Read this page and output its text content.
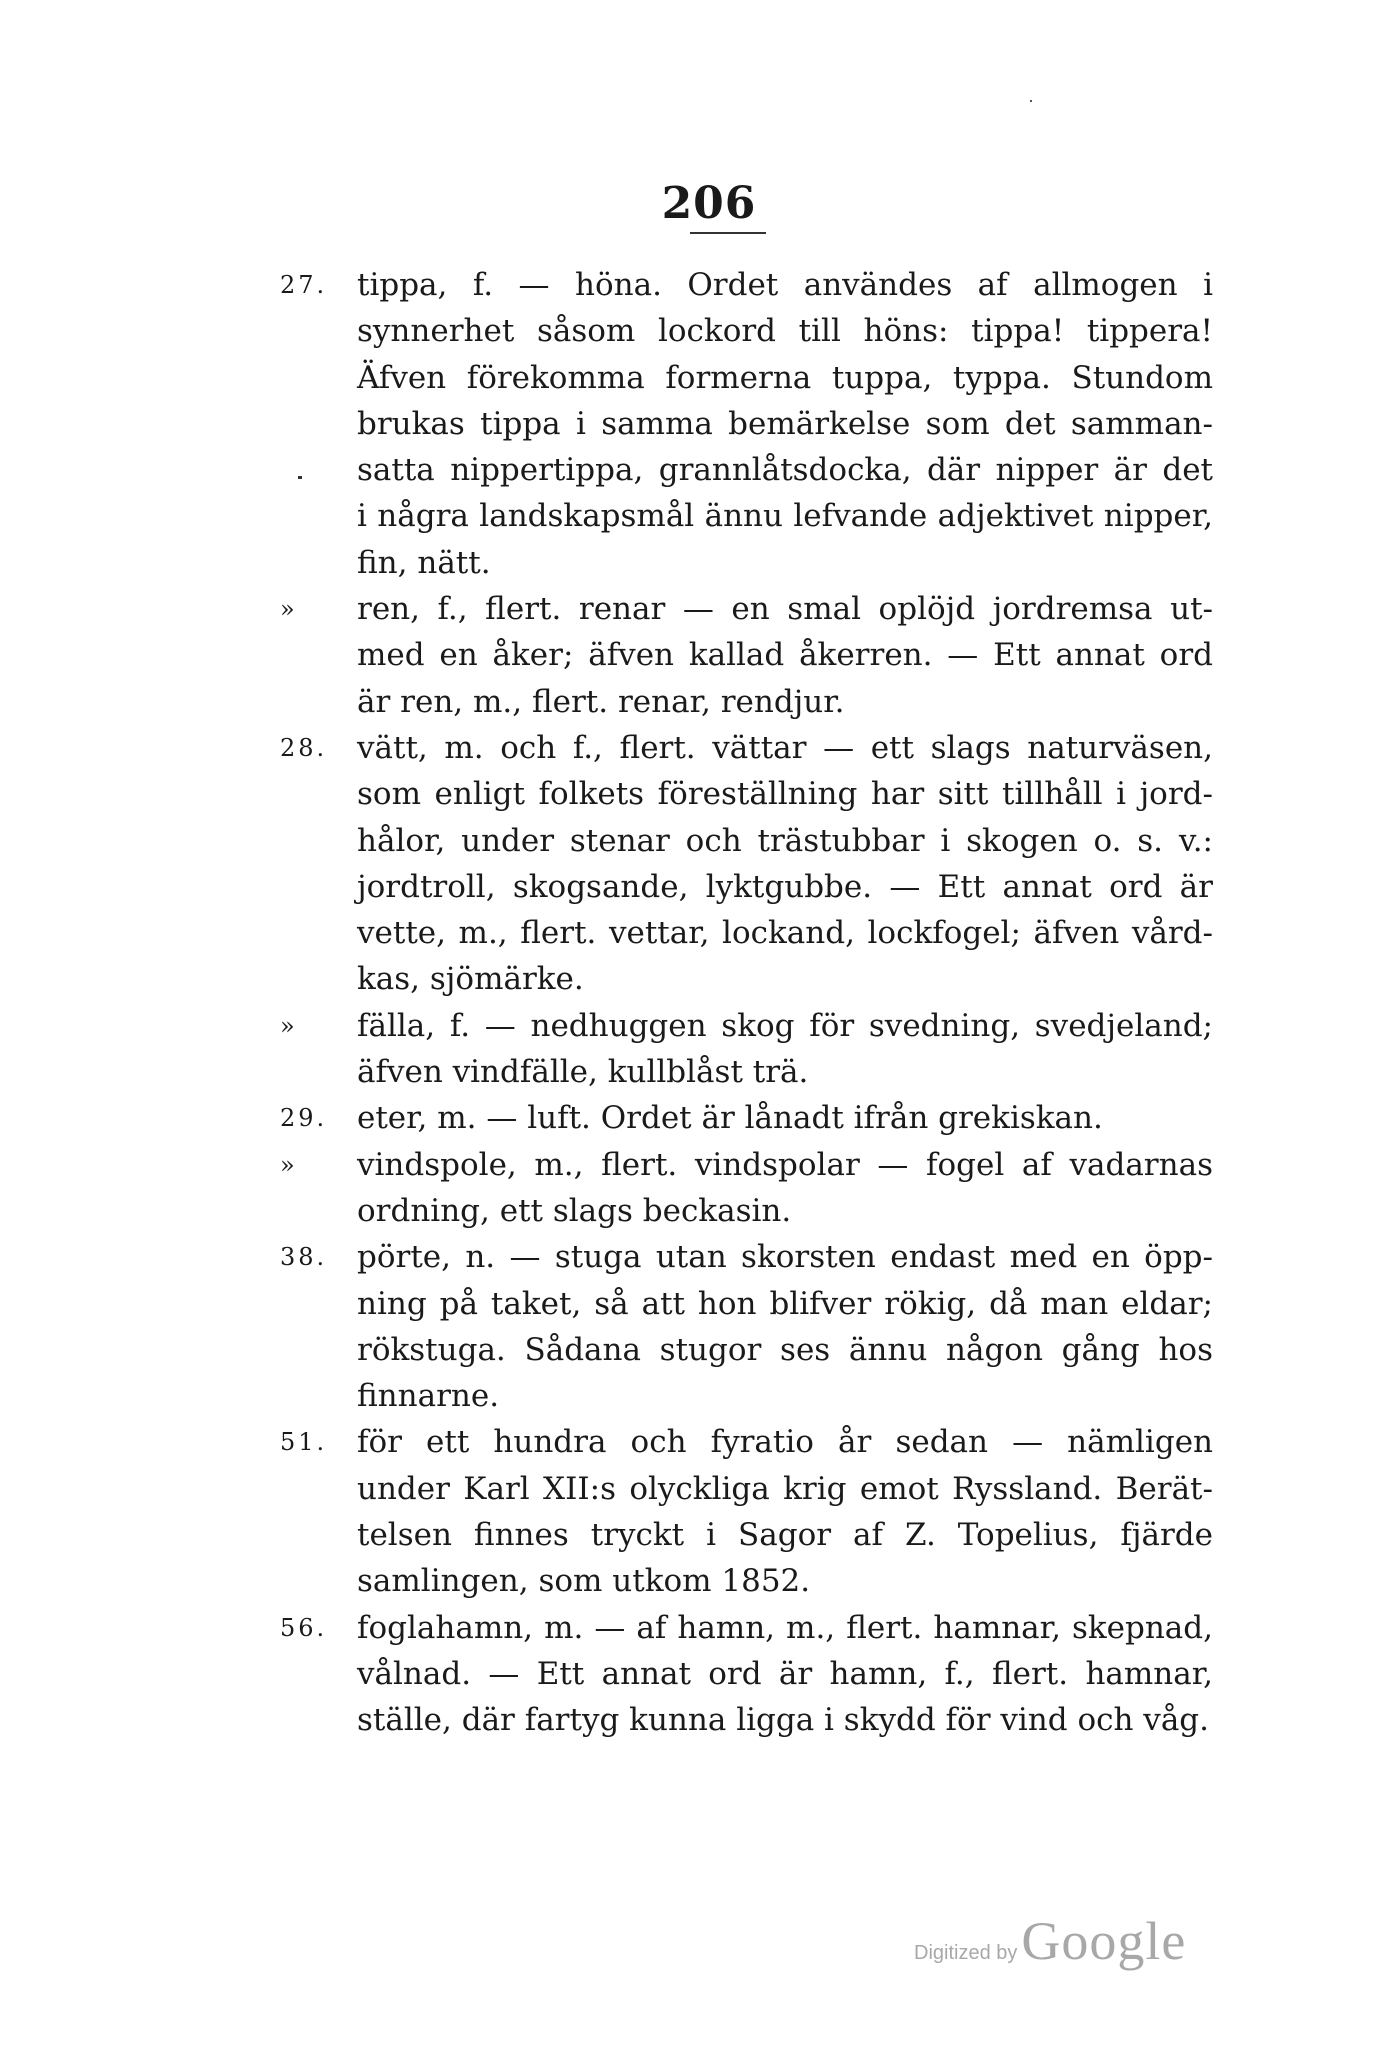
206
27. tippa, f. — höna. Ordet användes af allmogen i
synnerhet såsom lockord till höns: tippa! tippera!
Äfven förekomma formerna tuppa, typpa. Stundom
brukas tippa i samma bemärkelse som det samman-
satta nippertippa, grannlåtsdocka, där nipper är det
i några landskapsmål ännu lefvande adjektivet nipper,
fin, nätt.
» ren, f., flert. renar — en smal oplöjd jordremsa ut-
med en åker; äfven kallad åkerren. — Ett annat ord
är ren, m., flert. renar, rendjur.
28. vätt, m. och f., flert. vättar — ett slags naturväsen,
som enligt folkets föreställning har sitt tillhåll i jord-
hålor, under stenar och trästubbar i skogen o. s. v.:
jordtroll, skogsande, lyktgubbe. — Ett annat ord är
vette, m., flert. vettar, lockand, lockfogel; äfven vård-
kas, sjömärke.
» fälla, f. — nedhuggen skog för svedning, svedjeland;
äfven vindfälle, kullblåst trä.
29. eter, m. — luft. Ordet är lånadt ifrån grekiskan.
» vindspole, m., flert. vindspolar — fogel af vadarnas
ordning, ett slags beckasin.
38. pörte, n. — stuga utan skorsten endast med en öpp-
ning på taket, så att hon blifver rökig, då man eldar;
rökstuga. Sådana stugor ses ännu någon gång hos
finnarne.
51. för ett hundra och fyratio år sedan — nämligen
under Karl XII:s olyckliga krig emot Ryssland. Berät-
telsen finnes tryckt i Sagor af Z. Topelius, fjärde
samlingen, som utkom 1852.
56. foglahamn, m. — af hamn, m., flert. hamnar, skepnad,
vålnad. — Ett annat ord är hamn, f., flert. hamnar,
ställe, där fartyg kunna ligga i skydd för vind och våg.
Digitized byGoogle
